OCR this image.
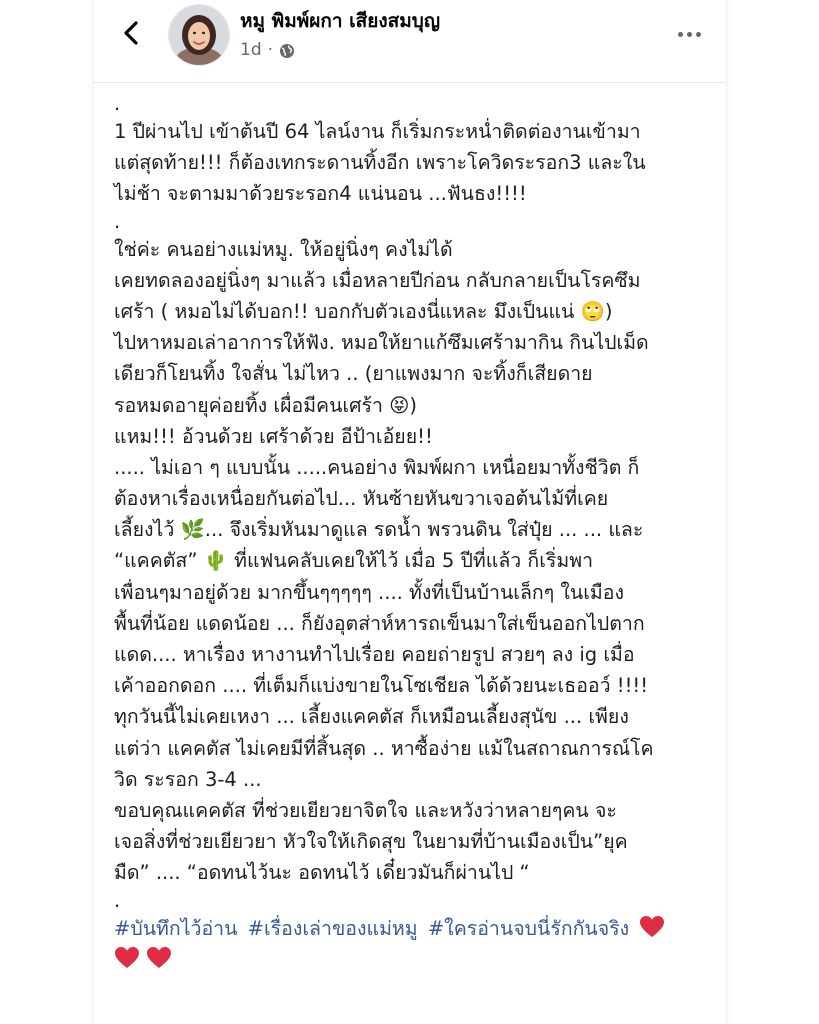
หมู พิมพ์ผกา เสียงสมบุญ
1d ·
.
1 ปีผ่านไป เข้าต้นปี 64 ไลน์งาน ก็เริ่มกระหน่ำติดต่องานเข้ามา
แต่สุดท้าย!!! ก็ต้องเทกระดานทิ้งอีก เพราะโควิดระรอก3 และใน
ไม่ช้า จะตามมาด้วยระรอก4 แน่นอน ...ฟันธง!!!!
.
ใช่ค่ะ คนอย่างแม่หมู. ให้อยู่นิ่งๆ คงไม่ได้
เคยทดลองอยู่นิ่งๆ มาแล้ว เมื่อหลายปีก่อน กลับกลายเป็นโรคซึม
เศร้า ( หมอไม่ได้บอก!! บอกกับตัวเองนี่แหละ มึงเป็นแน่ 🙄)
ไปหาหมอเล่าอาการให้ฟัง. หมอให้ยาแก้ซึมเศร้ามากิน กินไปเม็ด
เดียวก็โยนทิ้ง ใจสั่น ไม่ไหว .. (ยาแพงมาก จะทิ้งก็เสียดาย
รอหมดอายุค่อยทิ้ง เผื่อมีคนเศร้า 😝)
แหม!!! อ้วนด้วย เศร้าด้วย อีป้าเอ้ยย!!
..... ไม่เอา ๆ แบบนั้น .....คนอย่าง พิมพ์ผกา เหนื่อยมาทั้งชีวิต ก็
ต้องหาเรื่องเหนื่อยกันต่อไป... หันซ้ายหันขวาเจอต้นไม้ที่เคย
เลี้ยงไว้ 🌿... จึงเริ่มหันมาดูแล รดน้ำ พรวนดิน ใส่ปุ๋ย ... ... และ
“แคคตัส” 🌵 ที่แฟนคลับเคยให้ไว้ เมื่อ 5 ปีที่แล้ว ก็เริ่มพา
เพื่อนๆมาอยู่ด้วย มากขึ้นๆๆๆๆๆ .... ทั้งที่เป็นบ้านเล็กๆ ในเมือง
พื้นที่น้อย แดดน้อย ... ก็ยังอุตส่าห์หารถเข็นมาใส่เข็นออกไปตาก
แดด.... หาเรื่อง หางานทำไปเรื่อย คอยถ่ายรูป สวยๆ ลง ig เมื่อ
เค้าออกดอก .... ที่เต็มก็แบ่งขายในโซเชียล ได้ด้วยนะเธออว์ !!!!
ทุกวันนี้ไม่เคยเหงา ... เลี้ยงแคคตัส ก็เหมือนเลี้ยงสุนัข ... เพียง
แต่ว่า แคคตัส ไม่เคยมีที่สิ้นสุด .. หาซื้อง่าย แม้ในสถาณการณ์โค
วิด ระรอก 3-4 ...
ขอบคุณแคคตัส ที่ช่วยเยียวยาจิตใจ และหวังว่าหลายๆคน จะ
เจอสิ่งที่ช่วยเยียวยา หัวใจให้เกิดสุข ในยามที่บ้านเมืองเป็น”ยุค
มืด” .... “อดทนไว้นะ อดทนไว้ เดี๋ยวมันก็ผ่านไป “
.
#บันทึกไว้อ่าน #เรื่องเล่าของแม่หมู #ใครอ่านจบนี่รักกันจริง
